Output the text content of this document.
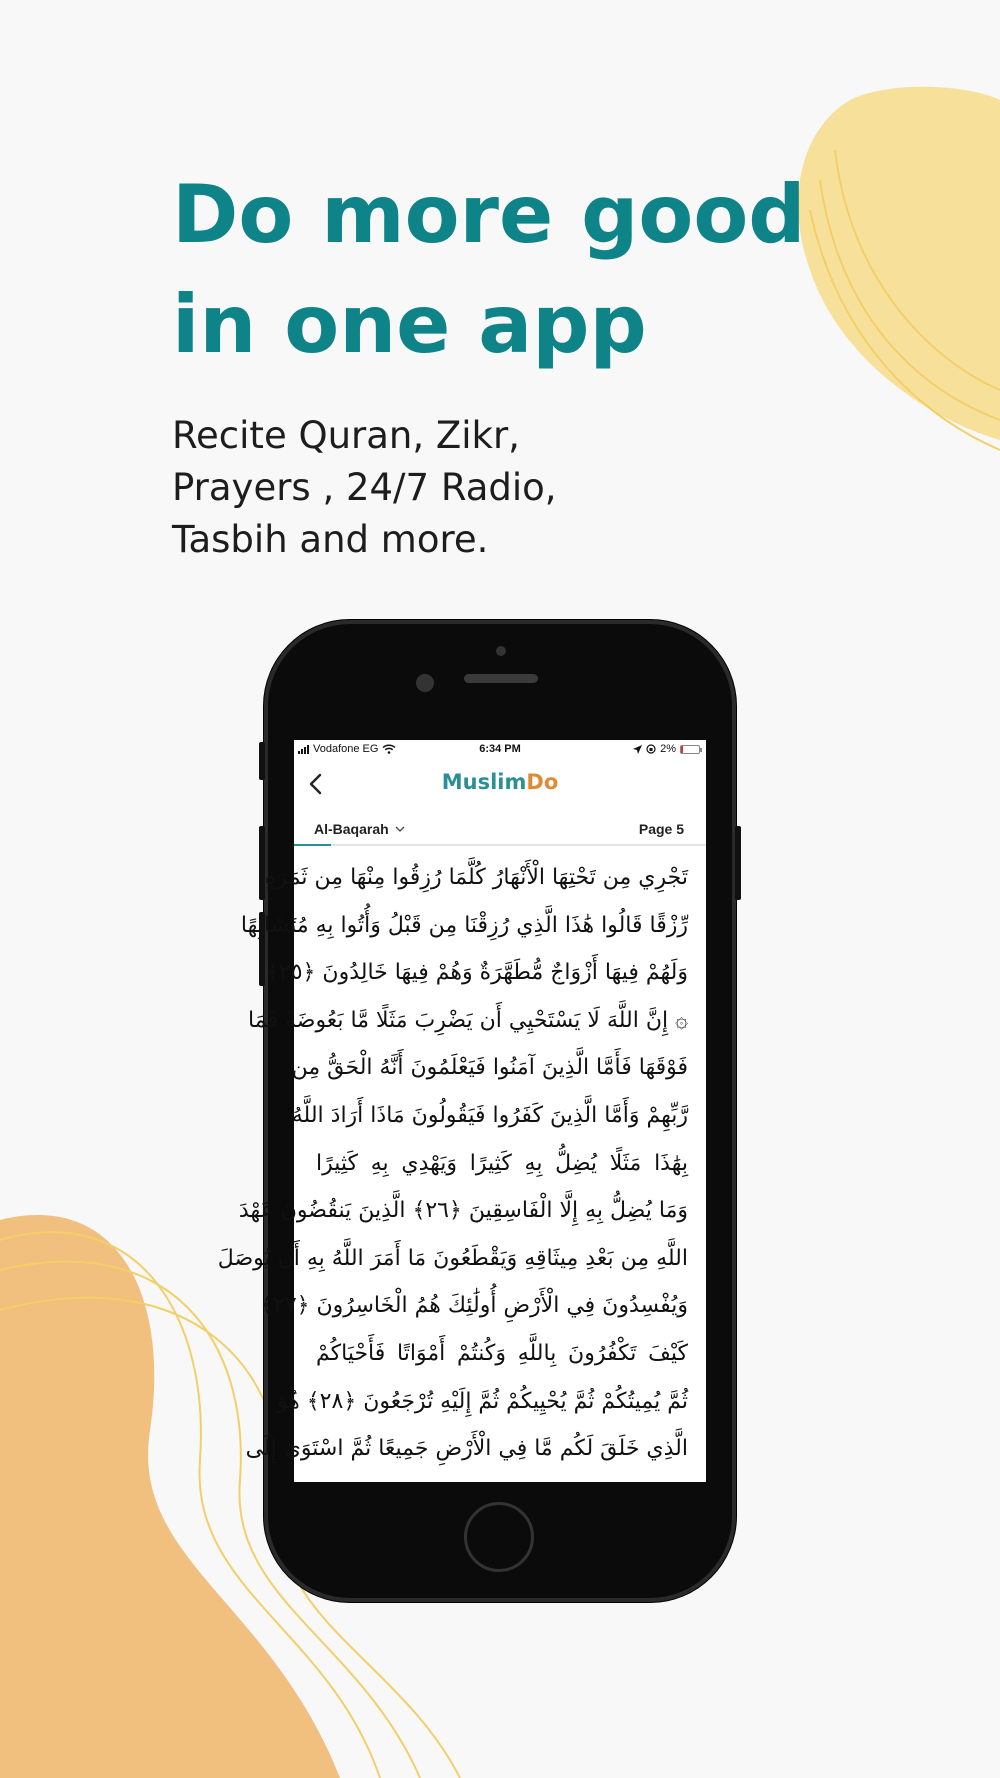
Do more good
in one app
Recite Quran, Zikr,
Prayers , 24/7 Radio,
Tasbih and more.
Vodafone EG	6:34 PM	2%
MuslimDo
Al-Baqarah	Page 5
تَجْرِي مِن تَحْتِهَا الْأَنْهَارُ كُلَّمَا رُزِقُوا مِنْهَا مِن ثَمَرَةٍ
رِّزْقًا قَالُوا هَٰذَا الَّذِي رُزِقْنَا مِن قَبْلُ وَأُتُوا بِهِ مُتَشَابِهًا
وَلَهُمْ فِيهَا أَزْوَاجٌ مُّطَهَّرَةٌ وَهُمْ فِيهَا خَالِدُونَ ﴿٢٥﴾
۞ إِنَّ اللَّهَ لَا يَسْتَحْيِي أَن يَضْرِبَ مَثَلًا مَّا بَعُوضَةً فَمَا
فَوْقَهَا فَأَمَّا الَّذِينَ آمَنُوا فَيَعْلَمُونَ أَنَّهُ الْحَقُّ مِن
رَّبِّهِمْ وَأَمَّا الَّذِينَ كَفَرُوا فَيَقُولُونَ مَاذَا أَرَادَ اللَّهُ
بِهَٰذَا مَثَلًا يُضِلُّ بِهِ كَثِيرًا وَيَهْدِي بِهِ كَثِيرًا
وَمَا يُضِلُّ بِهِ إِلَّا الْفَاسِقِينَ ﴿٢٦﴾ الَّذِينَ يَنقُضُونَ عَهْدَ
اللَّهِ مِن بَعْدِ مِيثَاقِهِ وَيَقْطَعُونَ مَا أَمَرَ اللَّهُ بِهِ أَن يُوصَلَ
وَيُفْسِدُونَ فِي الْأَرْضِ أُولَٰئِكَ هُمُ الْخَاسِرُونَ ﴿٢٧﴾
كَيْفَ تَكْفُرُونَ بِاللَّهِ وَكُنتُمْ أَمْوَاتًا فَأَحْيَاكُمْ
ثُمَّ يُمِيتُكُمْ ثُمَّ يُحْيِيكُمْ ثُمَّ إِلَيْهِ تُرْجَعُونَ ﴿٢٨﴾ هُوَ
الَّذِي خَلَقَ لَكُم مَّا فِي الْأَرْضِ جَمِيعًا ثُمَّ اسْتَوَىٰ إِلَى
